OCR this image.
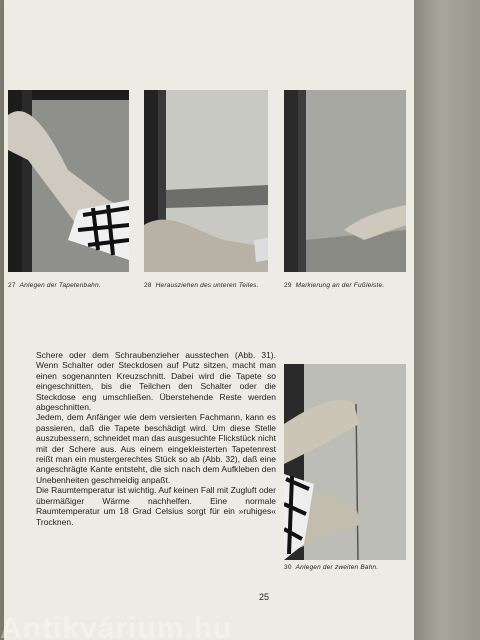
27 Anlegen der Tapetenbahn.	28 Herausziehen des unteren Teiles.	29 Markierung an der Fußleiste.

Schere oder dem Schraubenzieher ausstechen (Abb. 31). Wenn Schalter oder Steckdosen auf Putz sitzen, macht man einen sogenannten Kreuzschnitt. Dabei wird die Tapete so eingeschnitten, bis die Teilchen den Schalter oder die Steckdose eng umschließen. Überstehende Reste werden abgeschnitten.

Jedem, dem Anfänger wie dem versierten Fachmann, kann es passieren, daß die Tapete beschädigt wird. Um diese Stelle auszubessern, schneidet man das ausgesuchte Flickstück nicht mit der Schere aus. Aus einem eingekleisterten Tapetenrest reißt man ein mustergerechtes Stück so ab (Abb. 32), daß eine angeschrägte Kante entsteht, die sich nach dem Aufkleben den Unebenheiten geschmeidig anpaßt.

Die Raumtemperatur ist wichtig. Auf keinen Fall mit Zugluft oder übermäßiger Wärme nachhelfen. Eine normale Raumtemperatur um 18 Grad Celsius sorgt für ein »ruhiges« Trocknen.

30 Anlegen der zweiten Bahn.
25
Antikvárium.hu
